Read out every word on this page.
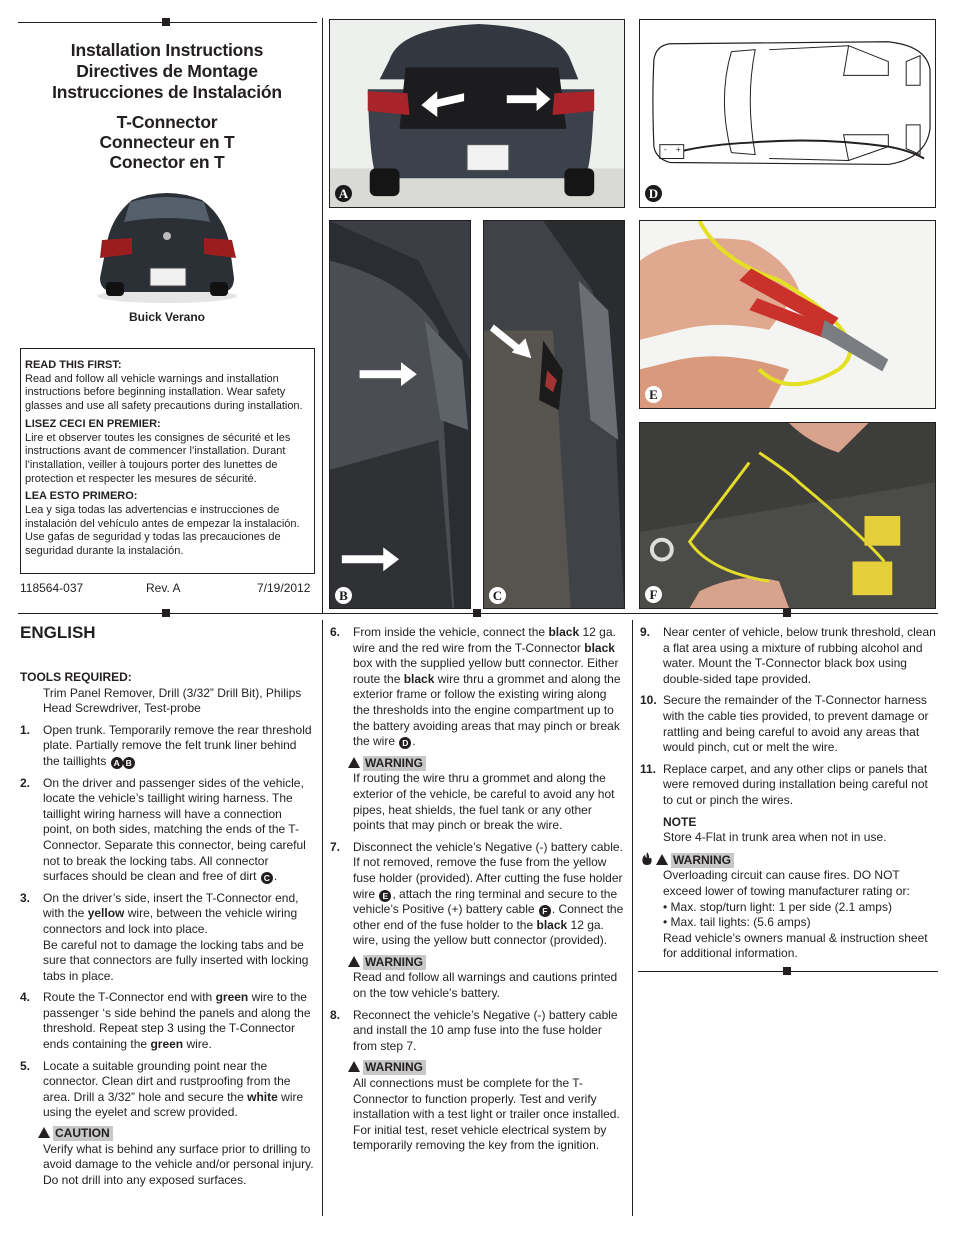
Installation Instructions
Directives de Montage
Instrucciones de Instalación
T-Connector
Connecteur en T
Conector en T
Buick Verano
READ THIS FIRST:

Read and follow all vehicle warnings and installation instructions before beginning installation. Wear safety glasses and use all safety precautions during installation.

LISEZ CECI EN PREMIER:

Lire et observer toutes les consignes de sécurité et les instructions avant de commencer l’installation. Durant l’installation, veiller à toujours porter des lunettes de protection et respecter les mesures de sécurité.

LEA ESTO PRIMERO:

Lea y siga todas las advertencias e instrucciones de instalación del vehículo antes de empezar la instalación. Use gafas de seguridad y todas las precauciones de seguridad durante la instalación.

118564-037	Rev. A	7/19/2012
A
- +
D
B	C
E
F
ENGLISH
TOOLS REQUIRED:
Trim Panel Remover, Drill (3/32” Drill Bit), Philips Head Screwdriver, Test-probe
1. Open trunk. Temporarily remove the rear threshold plate. Partially remove the felt trunk liner behind the taillights A B
2. On the driver and passenger sides of the vehicle, locate the vehicle’s taillight wiring harness. The taillight wiring harness will have a connection point, on both sides, matching the ends of the T-Connector. Separate this connector, being careful not to break the locking tabs. All connector surfaces should be clean and free of dirt C .
3. On the driver’s side, insert the T-Connector end, with the yellow wire, between the vehicle wiring connectors and lock into place.
Be careful not to damage the locking tabs and be sure that connectors are fully inserted with locking tabs in place.
4. Route the T-Connector end with green wire to the passenger ‘s side behind the panels and along the threshold. Repeat step 3 using the T-Connector ends containing the green wire.
5. Locate a suitable grounding point near the connector. Clean dirt and rustproofing from the area. Drill a 3/32” hole and secure the white wire using the eyelet and screw provided.
CAUTION
Verify what is behind any surface prior to drilling to avoid damage to the vehicle and/or personal injury. Do not drill into any exposed surfaces.
6. From inside the vehicle, connect the black 12 ga. wire and the red wire from the T-Connector black box with the supplied yellow butt connector. Either route the black wire thru a grommet and along the exterior frame or follow the existing wiring along the thresholds into the engine compartment up to the battery avoiding areas that may pinch or break the wire D .
WARNING
If routing the wire thru a grommet and along the exterior of the vehicle, be careful to avoid any hot pipes, heat shields, the fuel tank or any other points that may pinch or break the wire.
7. Disconnect the vehicle’s Negative (-) battery cable. If not removed, remove the fuse from the yellow fuse holder (provided). After cutting the fuse holder wire E , attach the ring terminal and secure to the vehicle’s Positive (+) battery cable F . Connect the other end of the fuse holder to the black 12 ga. wire, using the yellow butt connector (provided).
WARNING
Read and follow all warnings and cautions printed on the tow vehicle’s battery.
8. Reconnect the vehicle’s Negative (-) battery cable and install the 10 amp fuse into the fuse holder from step 7.
WARNING
All connections must be complete for the T-Connector to function properly. Test and verify installation with a test light or trailer once installed. For initial test, reset vehicle electrical system by temporarily removing the key from the ignition.
9. Near center of vehicle, below trunk threshold, clean a flat area using a mixture of rubbing alcohol and water. Mount the T-Connector black box using double-sided tape provided.
10. Secure the remainder of the T-Connector harness with the cable ties provided, to prevent damage or rattling and being careful to avoid any areas that would pinch, cut or melt the wire.
11. Replace carpet, and any other clips or panels that were removed during installation being careful not to cut or pinch the wires.
NOTE
Store 4-Flat in trunk area when not in use.
WARNING
Overloading circuit can cause fires. DO NOT exceed lower of towing manufacturer rating or:
• Max. stop/turn light: 1 per side (2.1 amps)
• Max. tail lights: (5.6 amps)
Read vehicle’s owners manual & instruction sheet for additional information.
